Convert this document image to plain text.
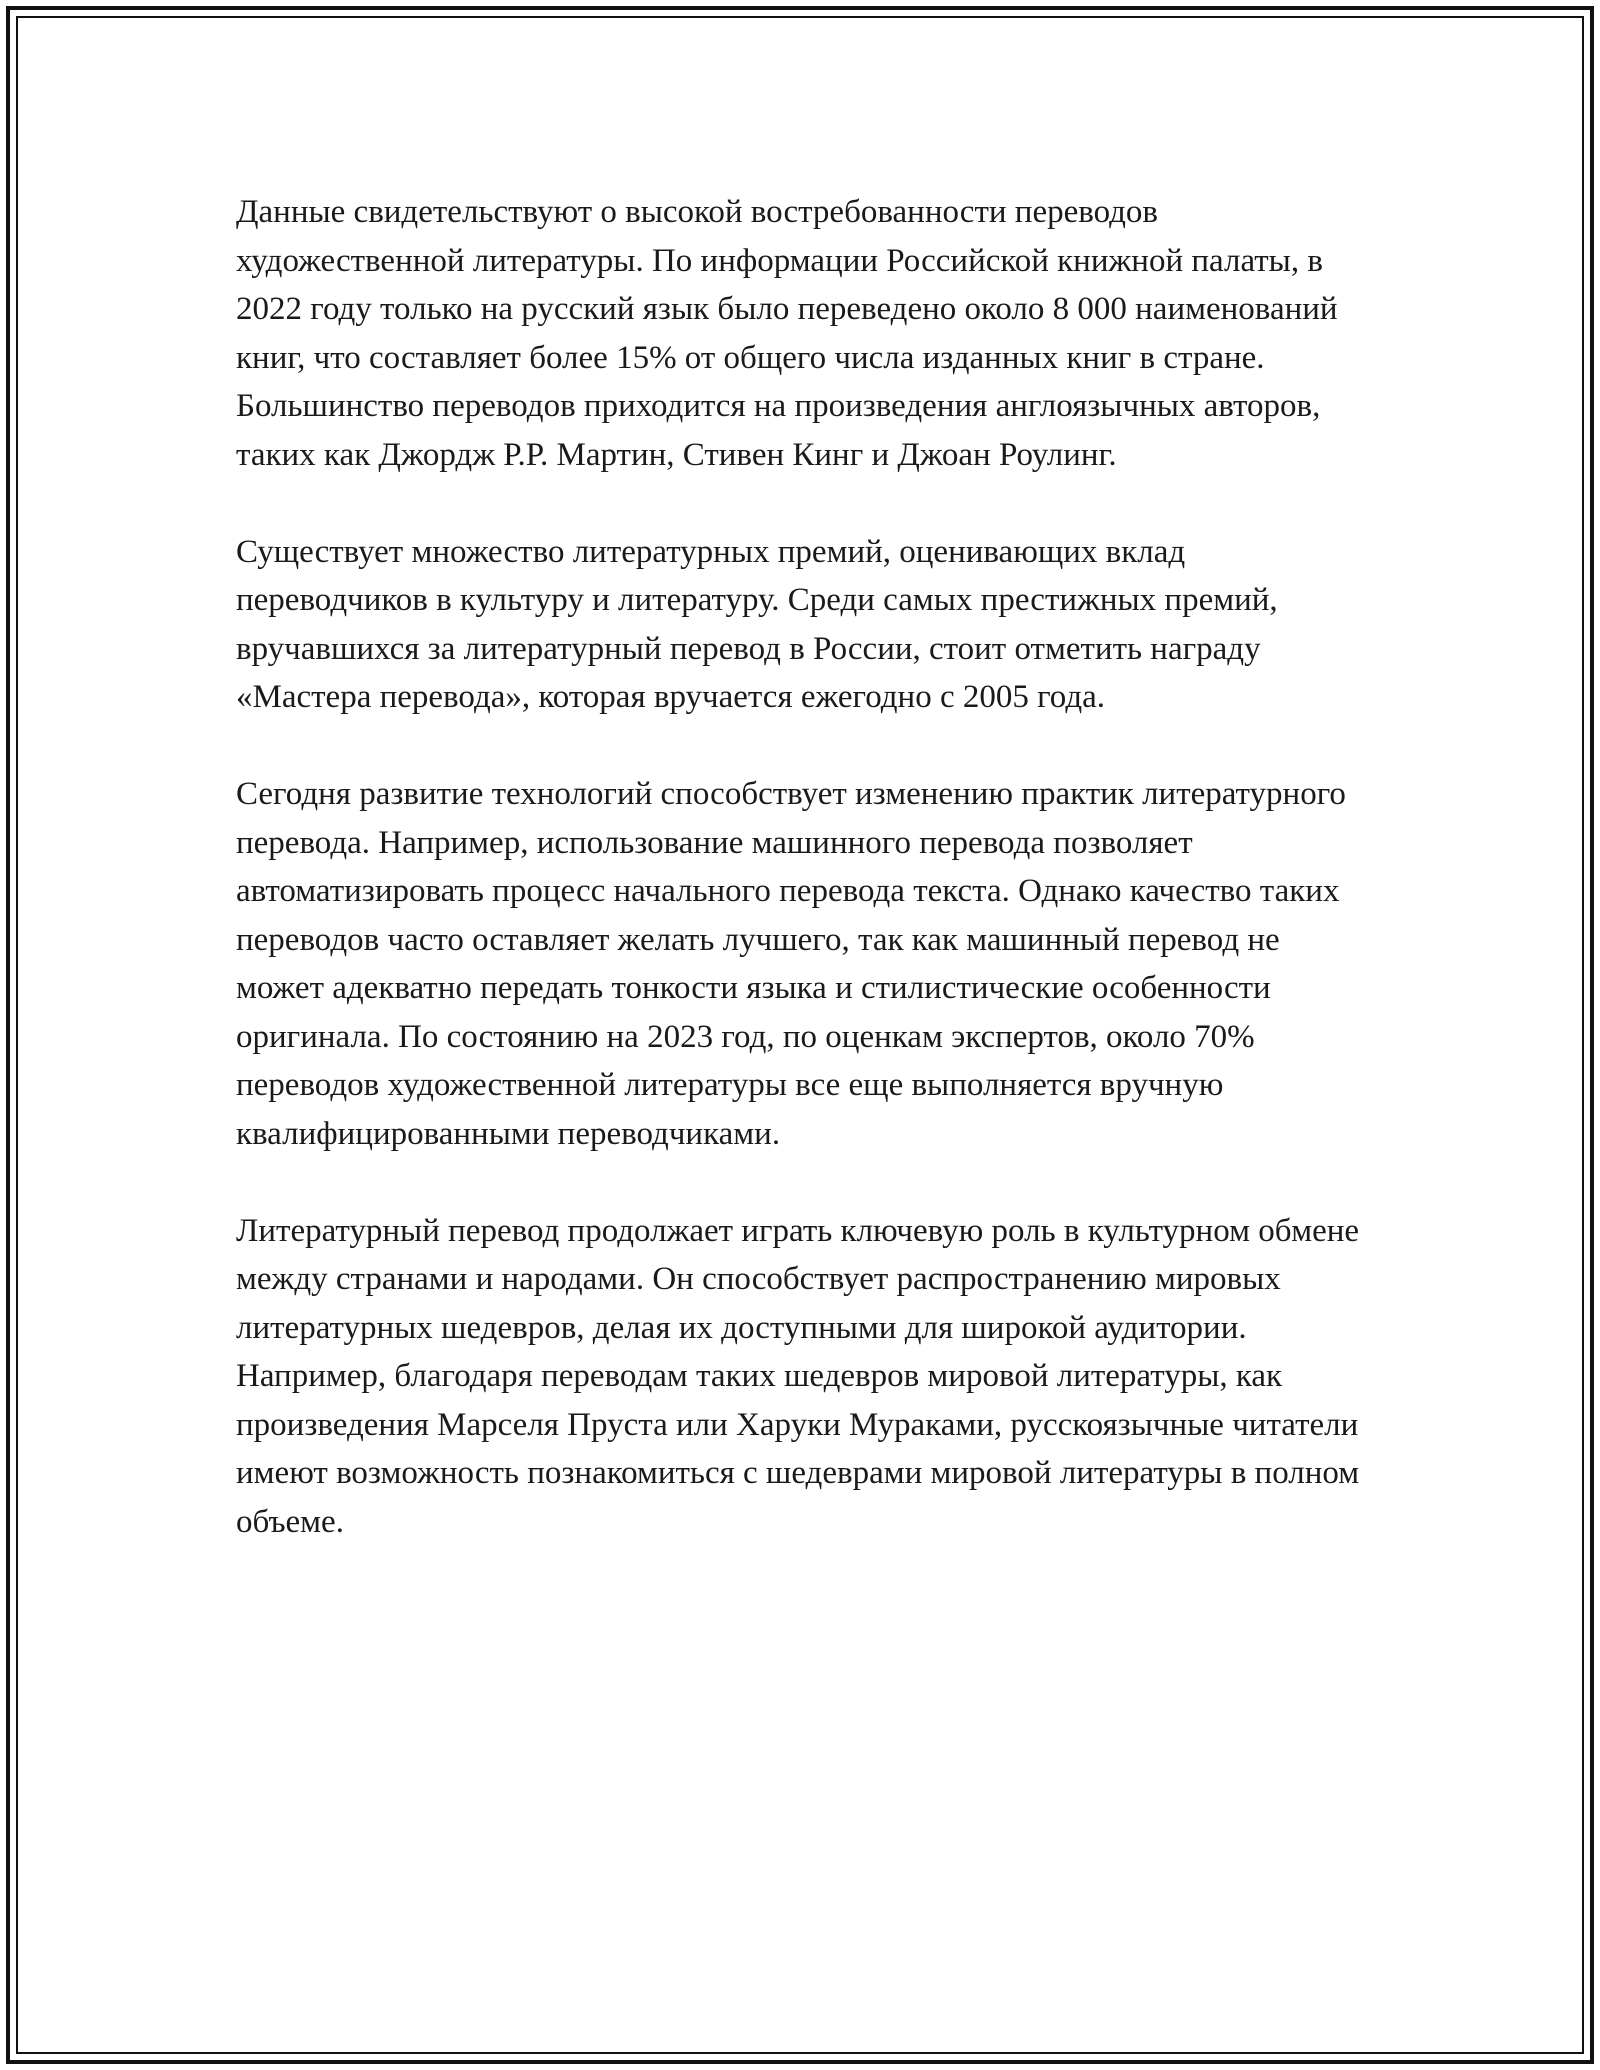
Данные свидетельствуют о высокой востребованности переводов художественной литературы. По информации Российской книжной палаты, в 2022 году только на русский язык было переведено около 8 000 наименований книг, что составляет более 15% от общего числа изданных книг в стране. Большинство переводов приходится на произведения англоязычных авторов, таких как Джордж Р.Р. Мартин, Стивен Кинг и Джоан Роулинг.

Существует множество литературных премий, оценивающих вклад переводчиков в культуру и литературу. Среди самых престижных премий, вручавшихся за литературный перевод в России, стоит отметить награду «Мастера перевода», которая вручается ежегодно с 2005 года.

Сегодня развитие технологий способствует изменению практик литературного перевода. Например, использование машинного перевода позволяет автоматизировать процесс начального перевода текста. Однако качество таких переводов часто оставляет желать лучшего, так как машинный перевод не может адекватно передать тонкости языка и стилистические особенности оригинала. По состоянию на 2023 год, по оценкам экспертов, около 70% переводов художественной литературы все еще выполняется вручную квалифицированными переводчиками.

Литературный перевод продолжает играть ключевую роль в культурном обмене между странами и народами. Он способствует распространению мировых литературных шедевров, делая их доступными для широкой аудитории. Например, благодаря переводам таких шедевров мировой литературы, как произведения Марселя Пруста или Харуки Мураками, русскоязычные читатели имеют возможность познакомиться с шедеврами мировой литературы в полном объеме.
